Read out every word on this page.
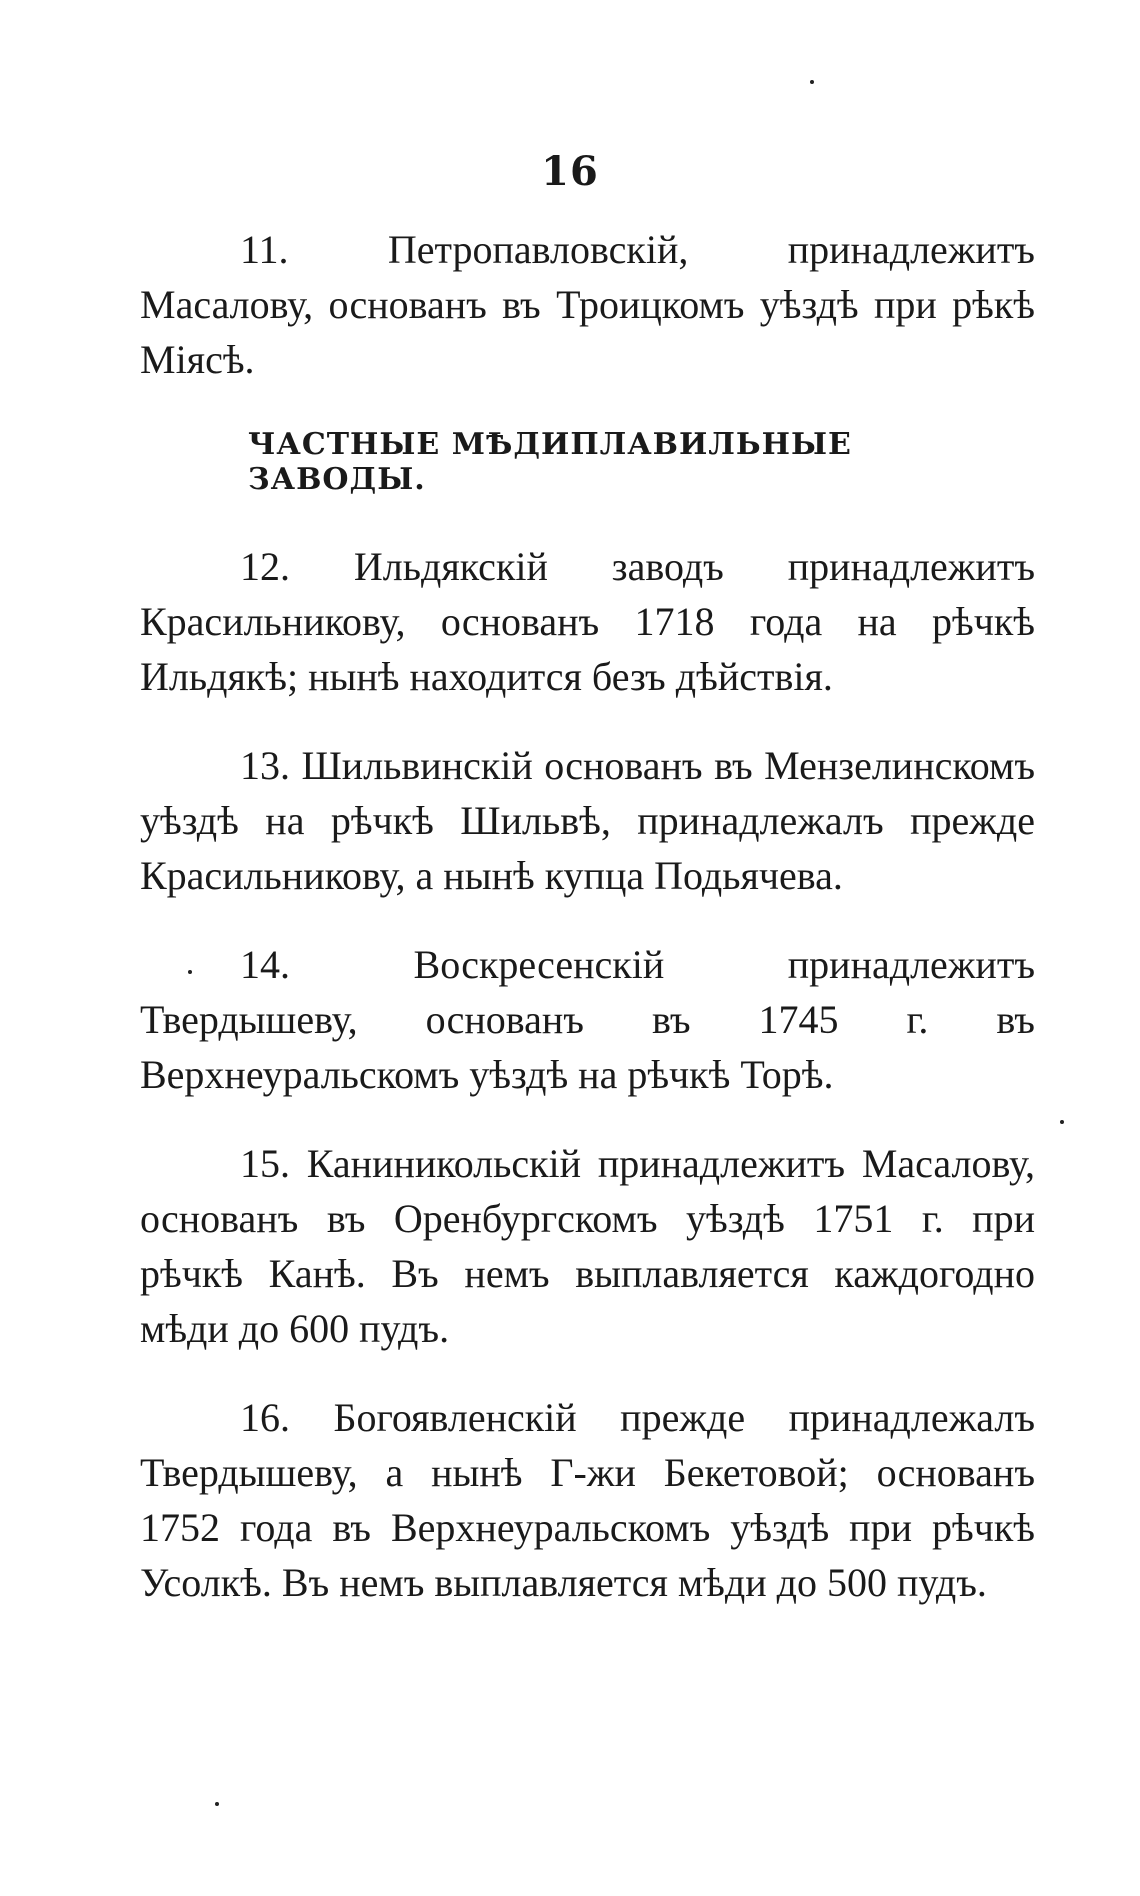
16

11. Петропавловскій, принадлежитъ Масалову, основанъ въ Троицкомъ уѣздѣ при рѣкѣ Міясѣ.

ЧАСТНЫЕ МѢДИПЛАВИЛЬНЫЕ ЗАВОДЫ.

12. Ильдякскій заводъ принадлежитъ Красильникову, основанъ 1718 года на рѣчкѣ Ильдякѣ; нынѣ находится безъ дѣйствія.

13. Шильвинскій основанъ въ Мензелинскомъ уѣздѣ на рѣчкѣ Шильвѣ, принадлежалъ прежде Красильникову, а нынѣ купца Подьячева.

14. Воскресенскій принадлежитъ Твердышеву, основанъ въ 1745 г. въ Верхнеуральскомъ уѣздѣ на рѣчкѣ Торѣ.

15. Каниникольскій принадлежитъ Масалову, основанъ въ Оренбургскомъ уѣздѣ 1751 г. при рѣчкѣ Канѣ. Въ немъ выплавляется каждогодно мѣди до 600 пудъ.

16. Богоявленскій прежде принадлежалъ Твердышеву, а нынѣ Г-жи Бекетовой; основанъ 1752 года въ Верхнеуральскомъ уѣздѣ при рѣчкѣ Усолкѣ. Въ немъ выплавляется мѣди до 500 пудъ.
